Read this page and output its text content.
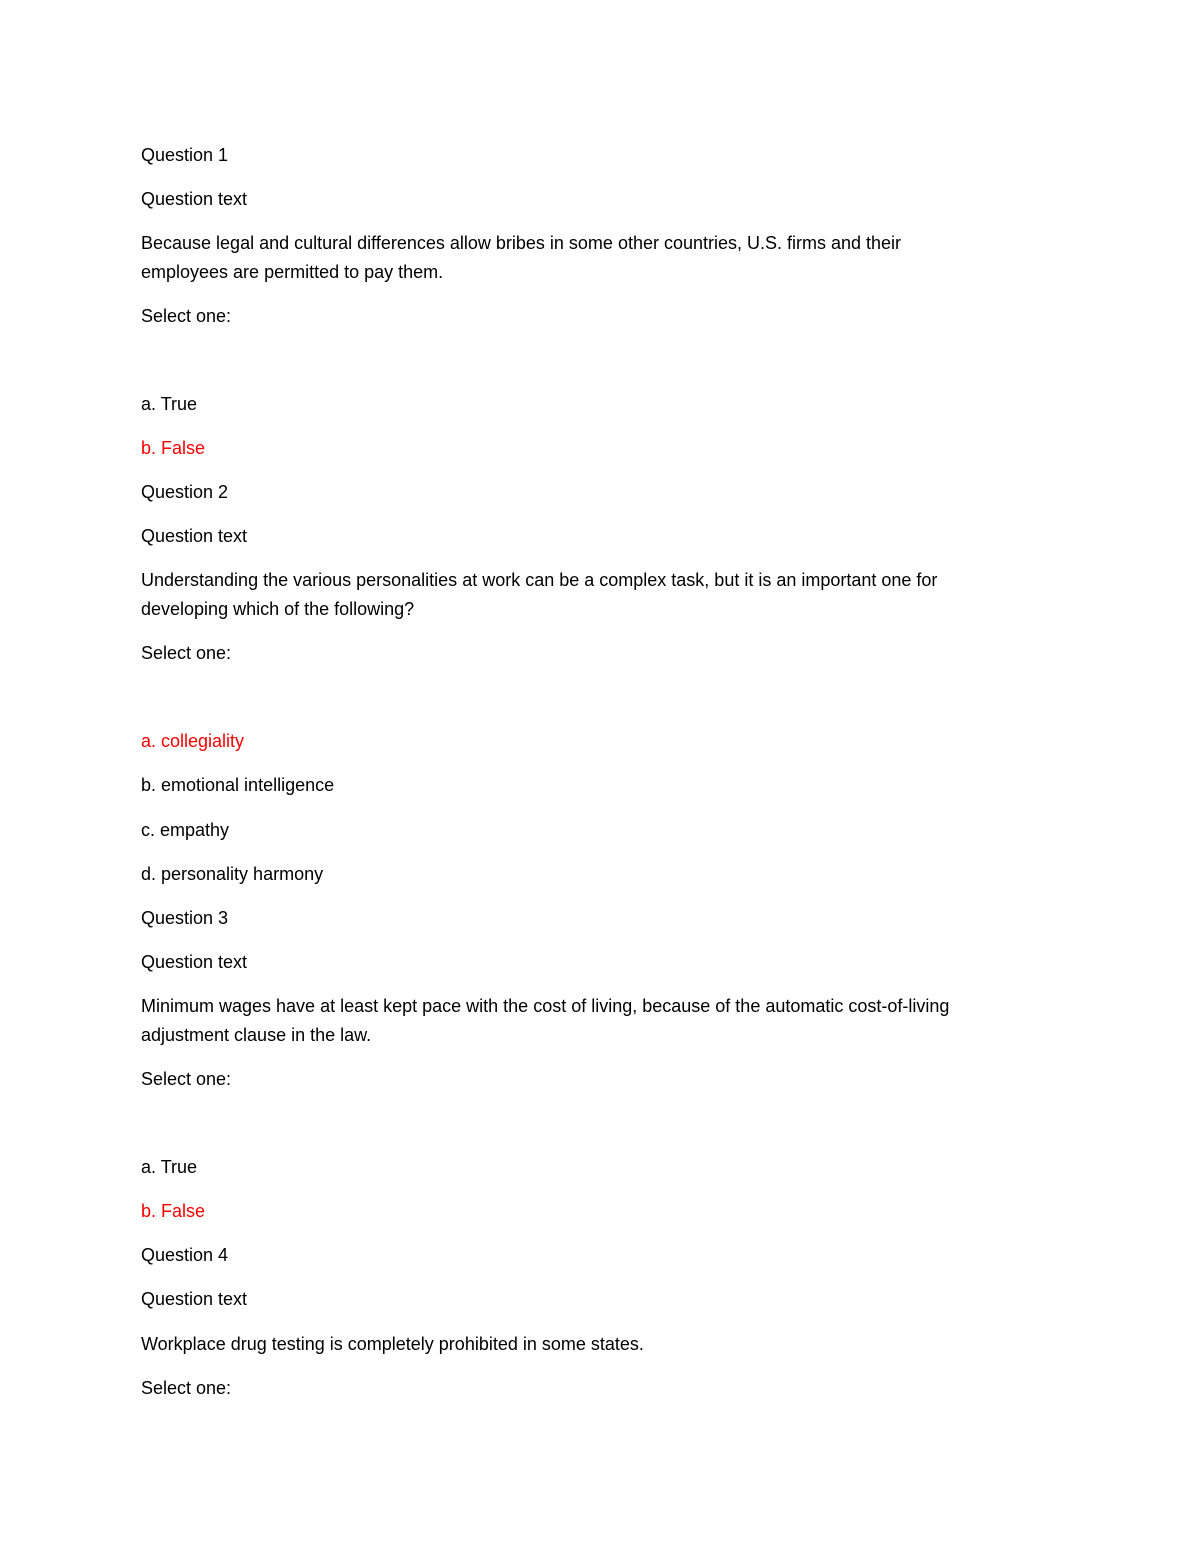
Question 1
Question text
Because legal and cultural differences allow bribes in some other countries, U.S. firms and their
employees are permitted to pay them.
Select one:
a. True
b. False
Question 2
Question text
Understanding the various personalities at work can be a complex task, but it is an important one for
developing which of the following?
Select one:
a. collegiality
b. emotional intelligence
c. empathy
d. personality harmony
Question 3
Question text
Minimum wages have at least kept pace with the cost of living, because of the automatic cost-of-living
adjustment clause in the law.
Select one:
a. True
b. False
Question 4
Question text
Workplace drug testing is completely prohibited in some states.
Select one:
